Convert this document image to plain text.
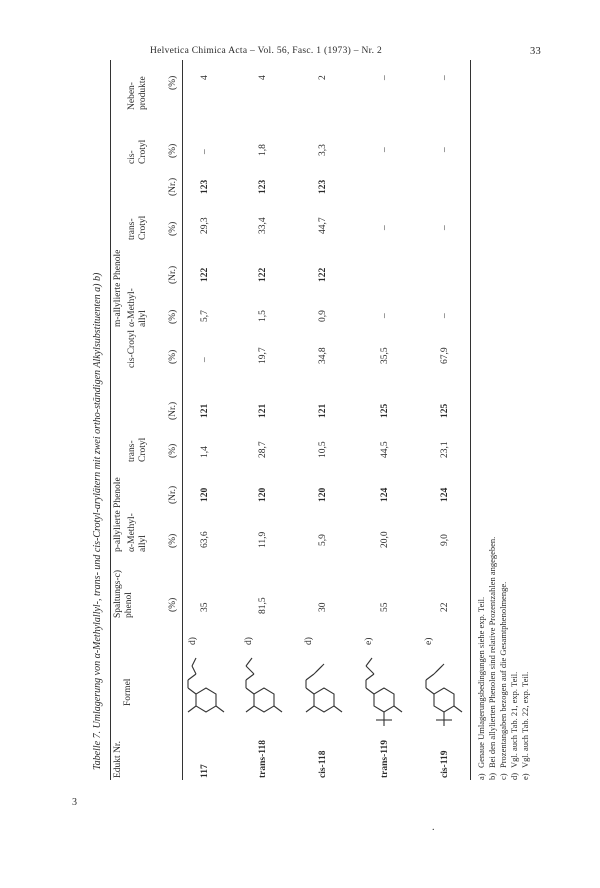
Helvetica Chimica Acta – Vol. 56, Fasc. 1 (1973) – Nr. 2	33
3
.
Tabelle 7. Umlagerung von α-Methylallyl-, trans- und cis-Crotyl-arylätern mit zwei ortho-ständigen Alkylsubstituenten a) b) Edukt Nr.
Formel
Spaltungs-c) phenol
p-allylierte Phenole α-Methyl-allyl
trans-Crotyl
m-allylierte Phenole
cis-Crotyl
α-Methyl-allyl
trans-Crotyl
cis-Crotyl
Neben-produkte
(%)
(%)
(Nr.)
(%)
(Nr.)
(%)
(%)
(Nr.)
(%)
(Nr.)
(%)
(%)
117
d)
35
63,6
120
1,4
121
–
5,7
122
29,3
123
–
4
trans-118
d)
81,5
11,9
120
28,7
121
19,7
1,5
122
33,4
123
1,8
4
cis-118
d)
30
5,9
120
10,5
121
34,8
0,9
122
44,7
123
3,3
2
trans-119
e)
55
20,0
124
44,5
125
35,5
–
–
–
–
cis-119
e)
22
9,0
124
23,1
125
67,9
–
–
–
–
a)Genaue Umlagerungsbedingungen siehe exp. Teil.
b)Bei den allylierten Phenolen sind relative Prozentzahlen angegeben.
c)Prozentangaben bezogen auf die Gesamtphenolmenge.
d)Vgl. auch Tab. 21, exp. Teil.
e)Vgl. auch Tab. 22, exp. Teil.
